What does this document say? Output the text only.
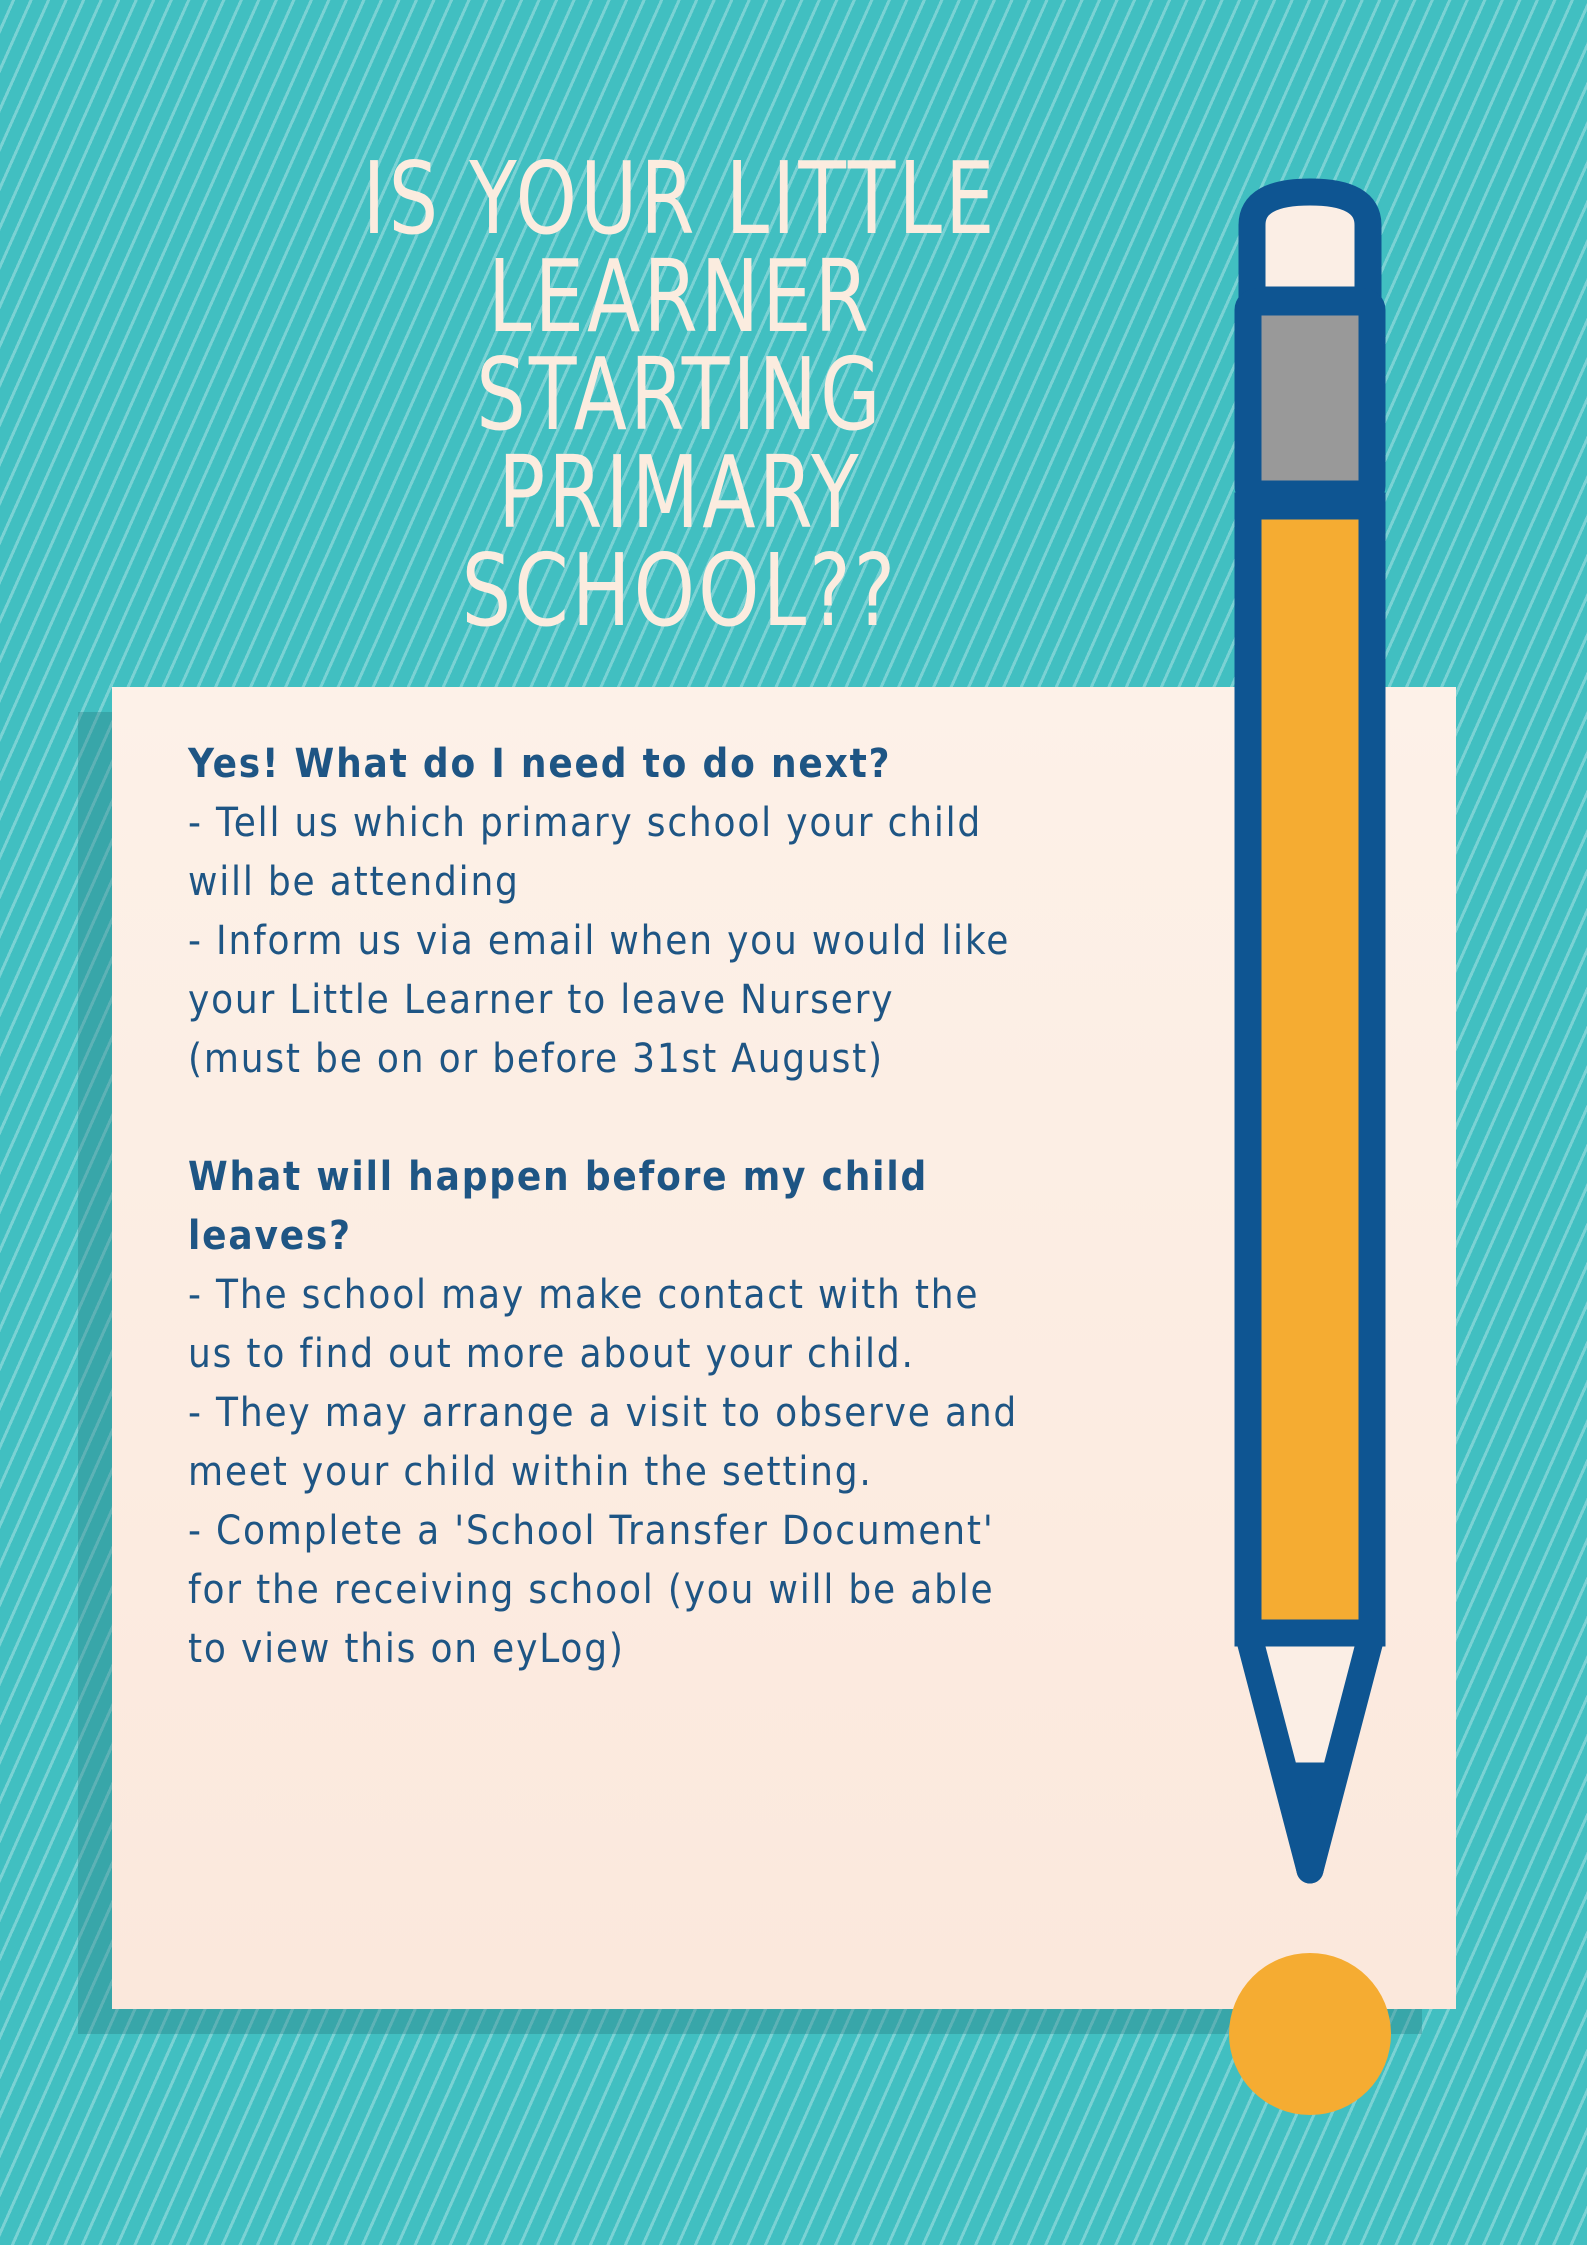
IS YOUR LITTLE
LEARNER
STARTING
PRIMARY
SCHOOL??

Yes! What do I need to do next?

- Tell us which primary school your child

will be attending

- Inform us via email when you would like

your Little Learner to leave Nursery

(must be on or before 31st August)

What will happen before my child

leaves?

- The school may make contact with the

us to find out more about your child.

- They may arrange a visit to observe and

meet your child within the setting.

- Complete a 'School Transfer Document'

for the receiving school (you will be able

to view this on eyLog)
